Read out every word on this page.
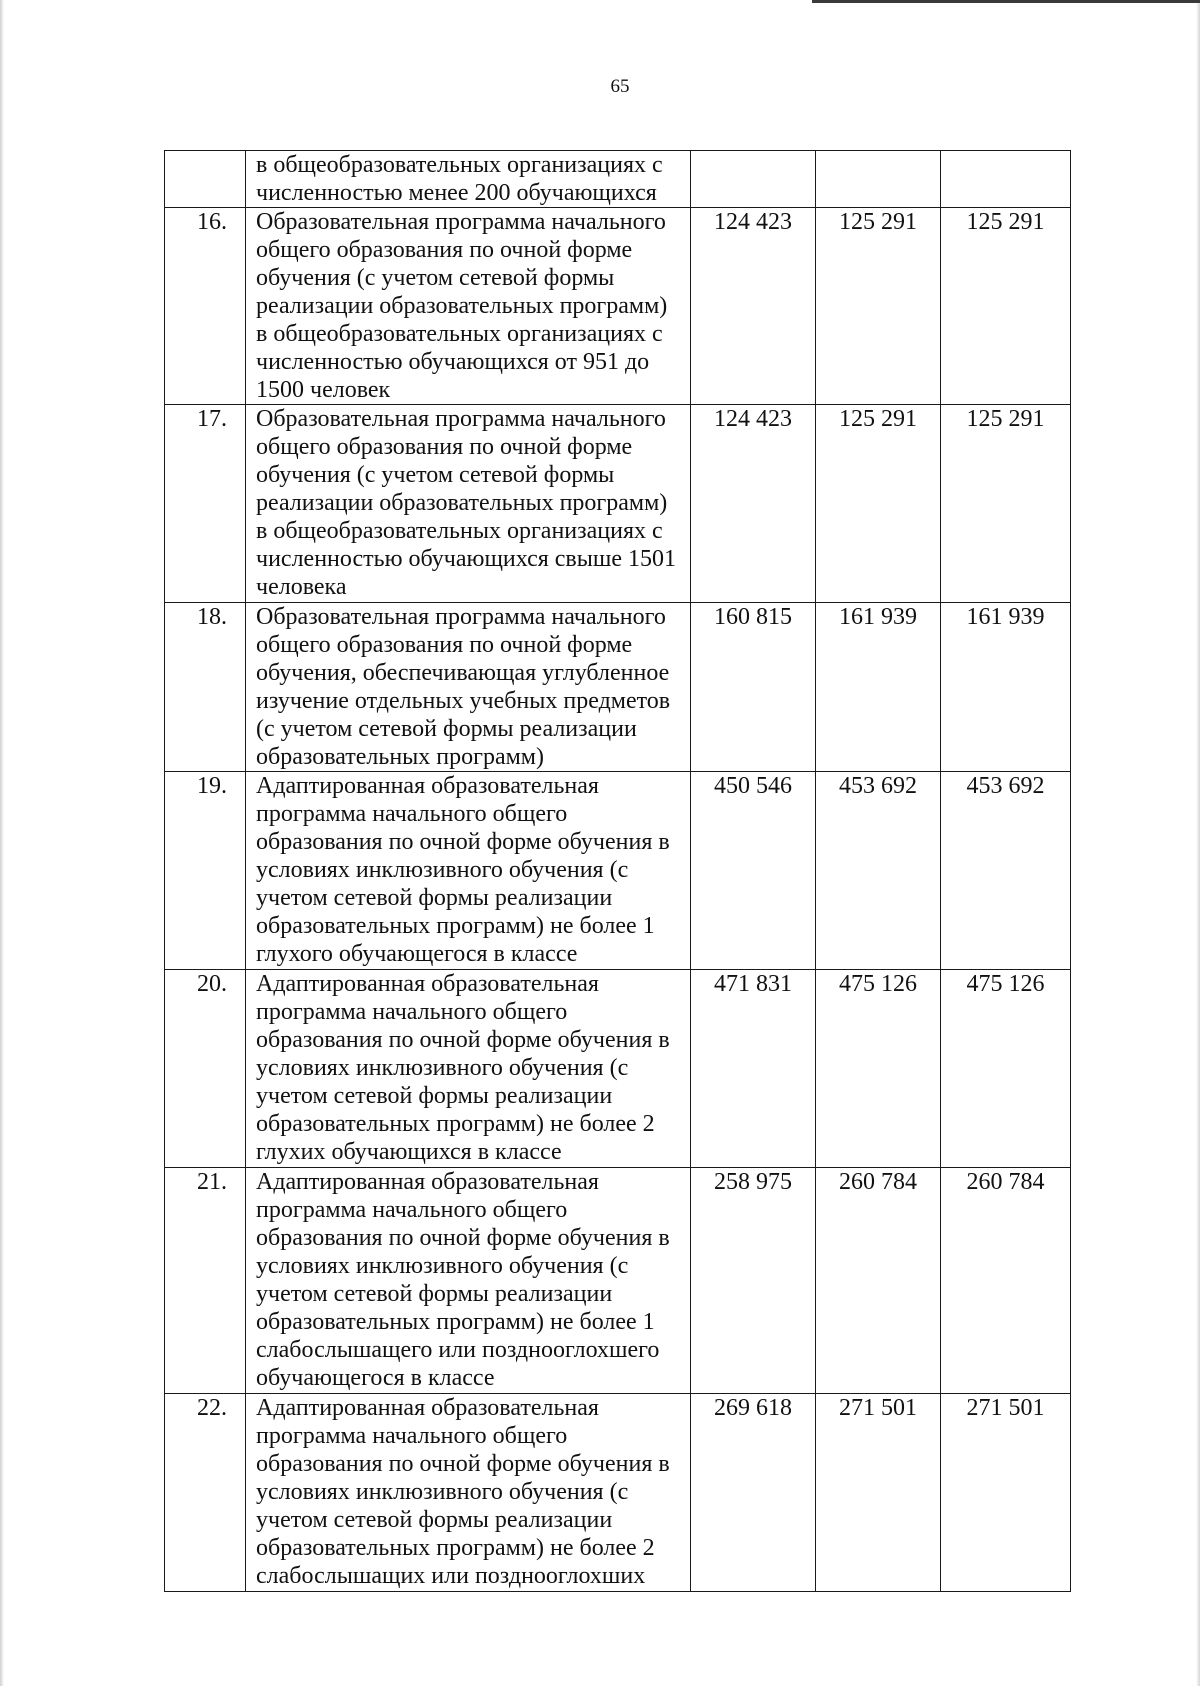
65
	в общеобразовательных организациях с численностью менее 200 обучающихся			
16.	Образовательная программа начального общего образования по очной форме обучения (с учетом сетевой формы реализации образовательных программ) в общеобразовательных организациях с численностью обучающихся от 951 до 1500 человек	124 423	125 291	125 291
17.	Образовательная программа начального общего образования по очной форме обучения (с учетом сетевой формы реализации образовательных программ) в общеобразовательных организациях с численностью обучающихся свыше 1501 человека	124 423	125 291	125 291
18.	Образовательная программа начального общего образования по очной форме обучения, обеспечивающая углубленное изучение отдельных учебных предметов (с учетом сетевой формы реализации образовательных программ)	160 815	161 939	161 939
19.	Адаптированная образовательная программа начального общего образования по очной форме обучения в условиях инклюзивного обучения (с учетом сетевой формы реализации образовательных программ) не более 1 глухого обучающегося в классе	450 546	453 692	453 692
20.	Адаптированная образовательная программа начального общего образования по очной форме обучения в условиях инклюзивного обучения (с учетом сетевой формы реализации образовательных программ) не более 2 глухих обучающихся в классе	471 831	475 126	475 126
21.	Адаптированная образовательная программа начального общего образования по очной форме обучения в условиях инклюзивного обучения (с учетом сетевой формы реализации образовательных программ) не более 1 слабослышащего или позднооглохшего обучающегося в классе	258 975	260 784	260 784
22.	Адаптированная образовательная программа начального общего образования по очной форме обучения в условиях инклюзивного обучения (с учетом сетевой формы реализации образовательных программ) не более 2 слабослышащих или позднооглохших	269 618	271 501	271 501
